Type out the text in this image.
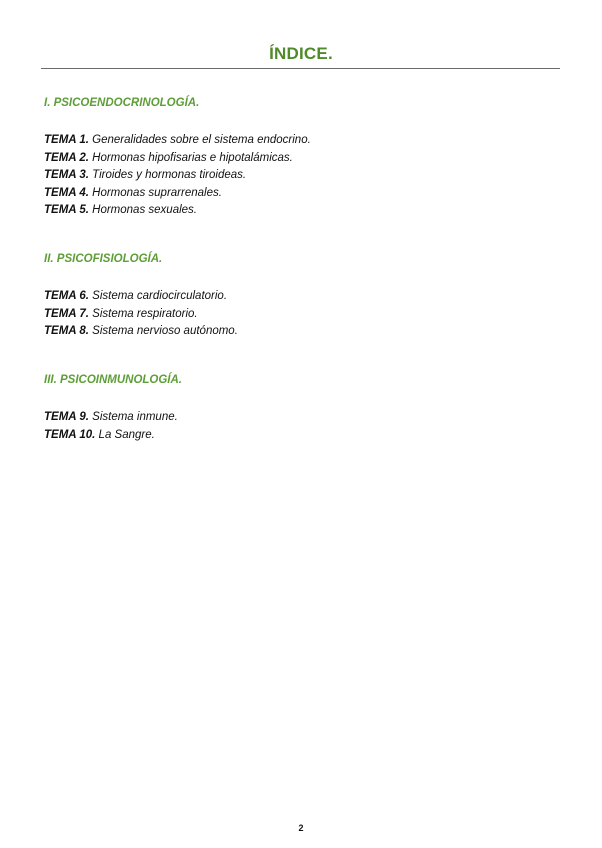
ÍNDICE.
I. PSICOENDOCRINOLOGÍA.
TEMA 1. Generalidades sobre el sistema endocrino.
TEMA 2. Hormonas hipofisarias e hipotalámicas.
TEMA 3. Tiroides y hormonas tiroideas.
TEMA 4. Hormonas suprarrenales.
TEMA 5. Hormonas sexuales.
II. PSICOFISIOLOGÍA.
TEMA 6. Sistema cardiocirculatorio.
TEMA 7. Sistema respiratorio.
TEMA 8. Sistema nervioso autónomo.
III. PSICOINMUNOLOGÍA.
TEMA 9. Sistema inmune.
TEMA 10. La Sangre.
2
